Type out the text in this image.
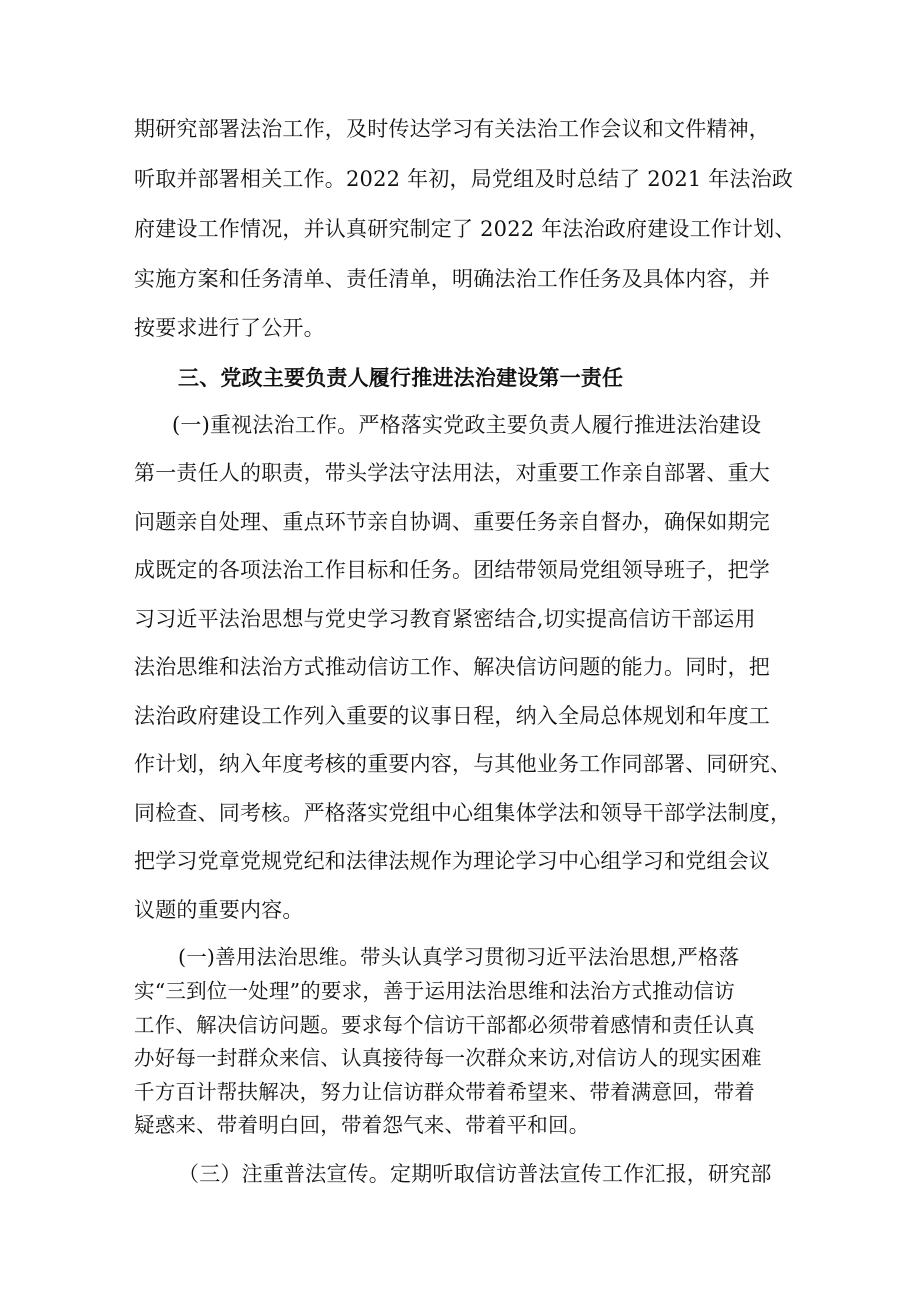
期研究部署法治工作，及时传达学习有关法治工作会议和文件精神，
听取并部署相关工作。2022 年初，局党组及时总结了 2021 年法治政
府建设工作情况，并认真研究制定了 2022 年法治政府建设工作计划、
实施方案和任务清单、责任清单，明确法治工作任务及具体内容，并
按要求进行了公开。
三、党政主要负责人履行推进法治建设第一责任
(一)重视法治工作。严格落实党政主要负责人履行推进法治建设
第一责任人的职责，带头学法守法用法，对重要工作亲自部署、重大
问题亲自处理、重点环节亲自协调、重要任务亲自督办，确保如期完
成既定的各项法治工作目标和任务。团结带领局党组领导班子，把学
习习近平法治思想与党史学习教育紧密结合,切实提高信访干部运用
法治思维和法治方式推动信访工作、解决信访问题的能力。同时，把
法治政府建设工作列入重要的议事日程，纳入全局总体规划和年度工
作计划，纳入年度考核的重要内容，与其他业务工作同部署、同研究、
同检查、同考核。严格落实党组中心组集体学法和领导干部学法制度，
把学习党章党规党纪和法律法规作为理论学习中心组学习和党组会议
议题的重要内容。
(一)善用法治思维。带头认真学习贯彻习近平法治思想,严格落
实“三到位一处理”的要求，善于运用法治思维和法治方式推动信访
工作、解决信访问题。要求每个信访干部都必须带着感情和责任认真
办好每一封群众来信、认真接待每一次群众来访,对信访人的现实困难
千方百计帮扶解决，努力让信访群众带着希望来、带着满意回，带着
疑惑来、带着明白回，带着怨气来、带着平和回。
（三）注重普法宣传。定期听取信访普法宣传工作汇报，研究部
